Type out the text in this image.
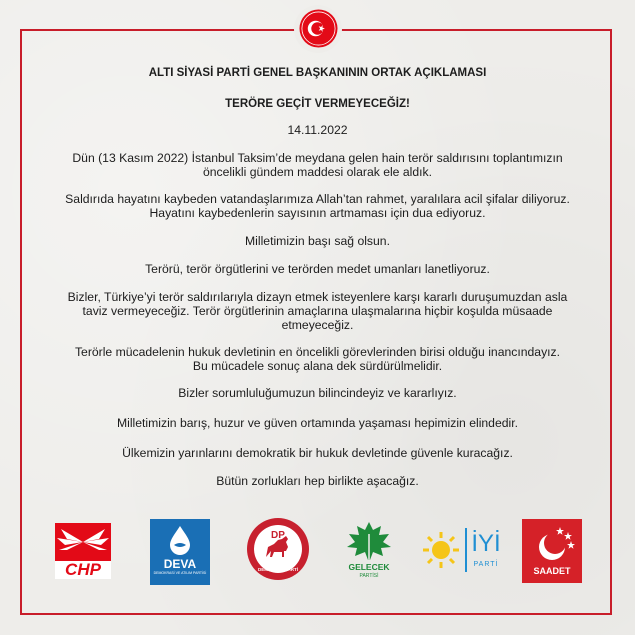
ALTI SİYASİ PARTİ GENEL BAŞKANININ ORTAK AÇIKLAMASI
TERÖRE GEÇİT VERMEYECEĞİZ!
14.11.2022
Dün (13 Kasım 2022) İstanbul Taksim’de meydana gelen hain terör saldırısını toplantımızın
öncelikli gündem maddesi olarak ele aldık.
Saldırıda hayatını kaybeden vatandaşlarımıza Allah’tan rahmet, yaralılara acil şifalar diliyoruz.
Hayatını kaybedenlerin sayısının artmaması için dua ediyoruz.
Milletimizin başı sağ olsun.
Terörü, terör örgütlerini ve terörden medet umanları lanetliyoruz.
Bizler, Türkiye’yi terör saldırılarıyla dizayn etmek isteyenlere karşı kararlı duruşumuzdan asla
taviz vermeyeceğiz. Terör örgütlerinin amaçlarına ulaşmalarına hiçbir koşulda müsaade
etmeyeceğiz.
Terörle mücadelenin hukuk devletinin en öncelikli görevlerinden birisi olduğu inancındayız.
Bu mücadele sonuç alana dek sürdürülmelidir.
Bizler sorumluluğumuzun bilincindeyiz ve kararlıyız.
Milletimizin barış, huzur ve güven ortamında yaşaması hepimizin elindedir.
Ülkemizin yarınlarını demokratik bir hukuk devletinde güvenle kuracağız.
Bütün zorlukları hep birlikte aşacağız.
CHP	DEVA
DEMOKRASİ VE ATILIM PARTİSİ
DP
DEMOKRAT PARTİ	GELECEK
PARTİSİ
İYİ
PARTİ
SAADET
